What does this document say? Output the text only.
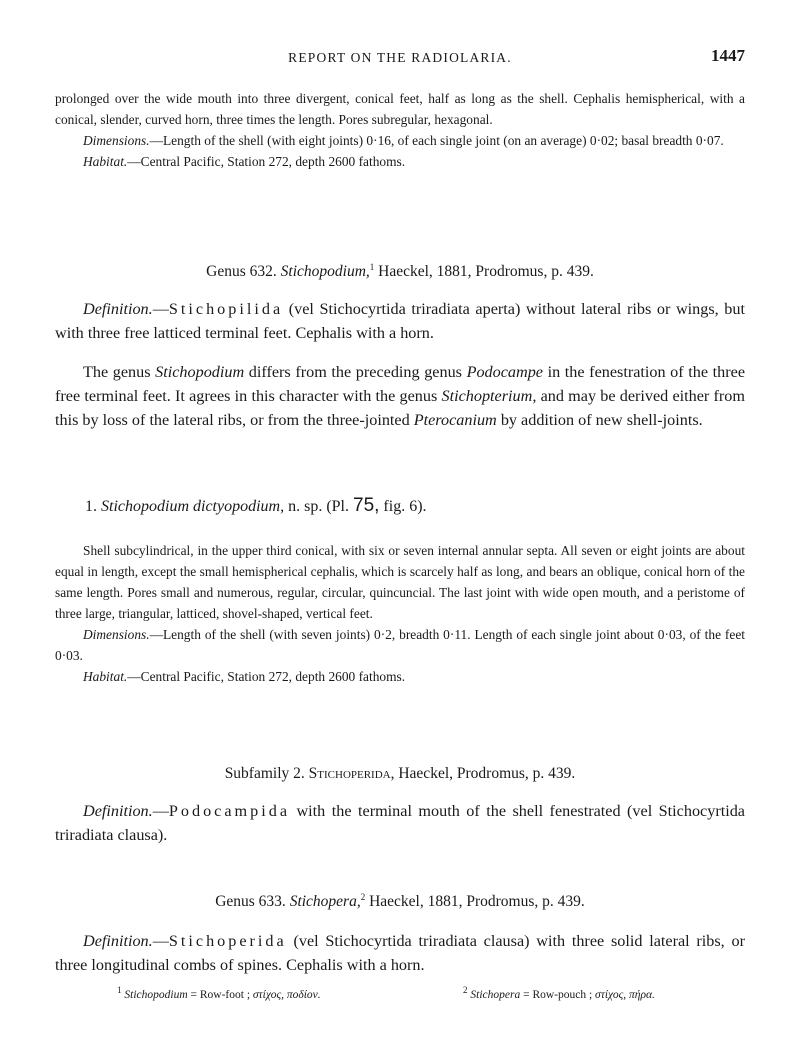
REPORT ON THE RADIOLARIA.	1447

prolonged over the wide mouth into three divergent, conical feet, half as long as the shell. Cephalis hemispherical, with a conical, slender, curved horn, three times the length. Pores subregular, hexagonal.

Dimensions.—Length of the shell (with eight joints) 0·16, of each single joint (on an average) 0·02; basal breadth 0·07.

Habitat.—Central Pacific, Station 272, depth 2600 fathoms.

Genus 632. Stichopodium,$^1$ Haeckel, 1881, Prodromus, p. 439.

Definition.—Stichopilida (vel Stichocyrtida triradiata aperta) without lateral ribs or wings, but with three free latticed terminal feet. Cephalis with a horn.

The genus Stichopodium differs from the preceding genus Podocampe in the fenestration of the three free terminal feet. It agrees in this character with the genus Stichopterium, and may be derived either from this by loss of the lateral ribs, or from the three-jointed Pterocanium by addition of new shell-joints.

1. Stichopodium dictyopodium, n. sp. (Pl. 75, fig. 6).

Shell subcylindrical, in the upper third conical, with six or seven internal annular septa. All seven or eight joints are about equal in length, except the small hemispherical cephalis, which is scarcely half as long, and bears an oblique, conical horn of the same length. Pores small and numerous, regular, circular, quincuncial. The last joint with wide open mouth, and a peristome of three large, triangular, latticed, shovel-shaped, vertical feet.

Dimensions.—Length of the shell (with seven joints) 0·2, breadth 0·11. Length of each single joint about 0·03, of the feet 0·03.

Habitat.—Central Pacific, Station 272, depth 2600 fathoms.

Subfamily 2. Stichoperida, Haeckel, Prodromus, p. 439.

Definition.—Podocampida with the terminal mouth of the shell fenestrated (vel Stichocyrtida triradiata clausa).

Genus 633. Stichopera,$^2$ Haeckel, 1881, Prodromus, p. 439.

Definition.—Stichoperida (vel Stichocyrtida triradiata clausa) with three solid lateral ribs, or three longitudinal combs of spines. Cephalis with a horn.

$^1$ Stichopodium = Row-foot ; στίχος, ποδίον.	$^2$ Stichopera = Row-pouch ; στίχος, πήρα.
